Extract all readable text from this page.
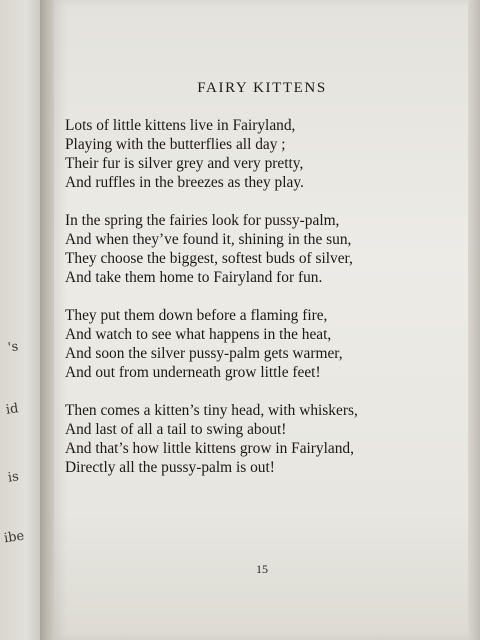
's
id
is
ibe
FAIRY KITTENS
Lots of little kittens live in Fairyland,
Playing with the butterflies all day ;
Their fur is silver grey and very pretty,
And ruffles in the breezes as they play.
In the spring the fairies look for pussy-palm,
And when they’ve found it, shining in the sun,
They choose the biggest, softest buds of silver,
And take them home to Fairyland for fun.
They put them down before a flaming fire,
And watch to see what happens in the heat,
And soon the silver pussy-palm gets warmer,
And out from underneath grow little feet!
Then comes a kitten’s tiny head, with whiskers,
And last of all a tail to swing about!
And that’s how little kittens grow in Fairyland,
Directly all the pussy-palm is out!
15
